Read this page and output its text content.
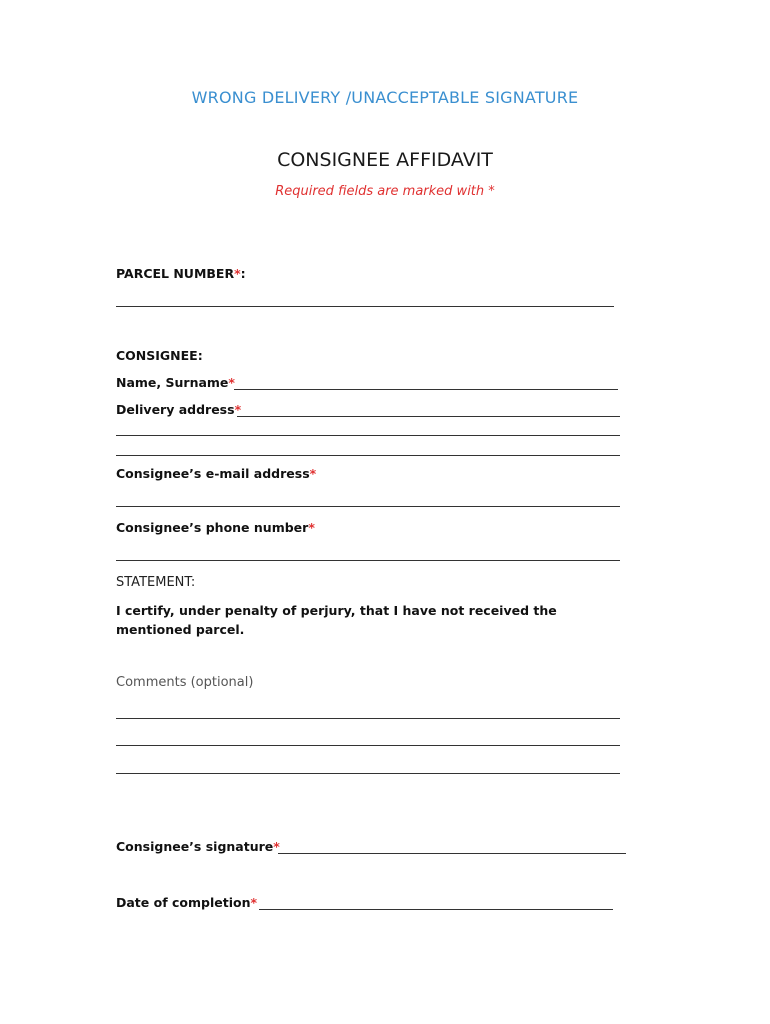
WRONG DELIVERY /UNACCEPTABLE SIGNATURE
CONSIGNEE AFFIDAVIT
Required fields are marked with *
PARCEL NUMBER*:
CONSIGNEE:
Name, Surname*
Delivery address*
Consignee’s e-mail address*
Consignee’s phone number*
STATEMENT:
I certify, under penalty of perjury, that I have not received the mentioned parcel.
Comments (optional)
Consignee’s signature*
Date of completion*
